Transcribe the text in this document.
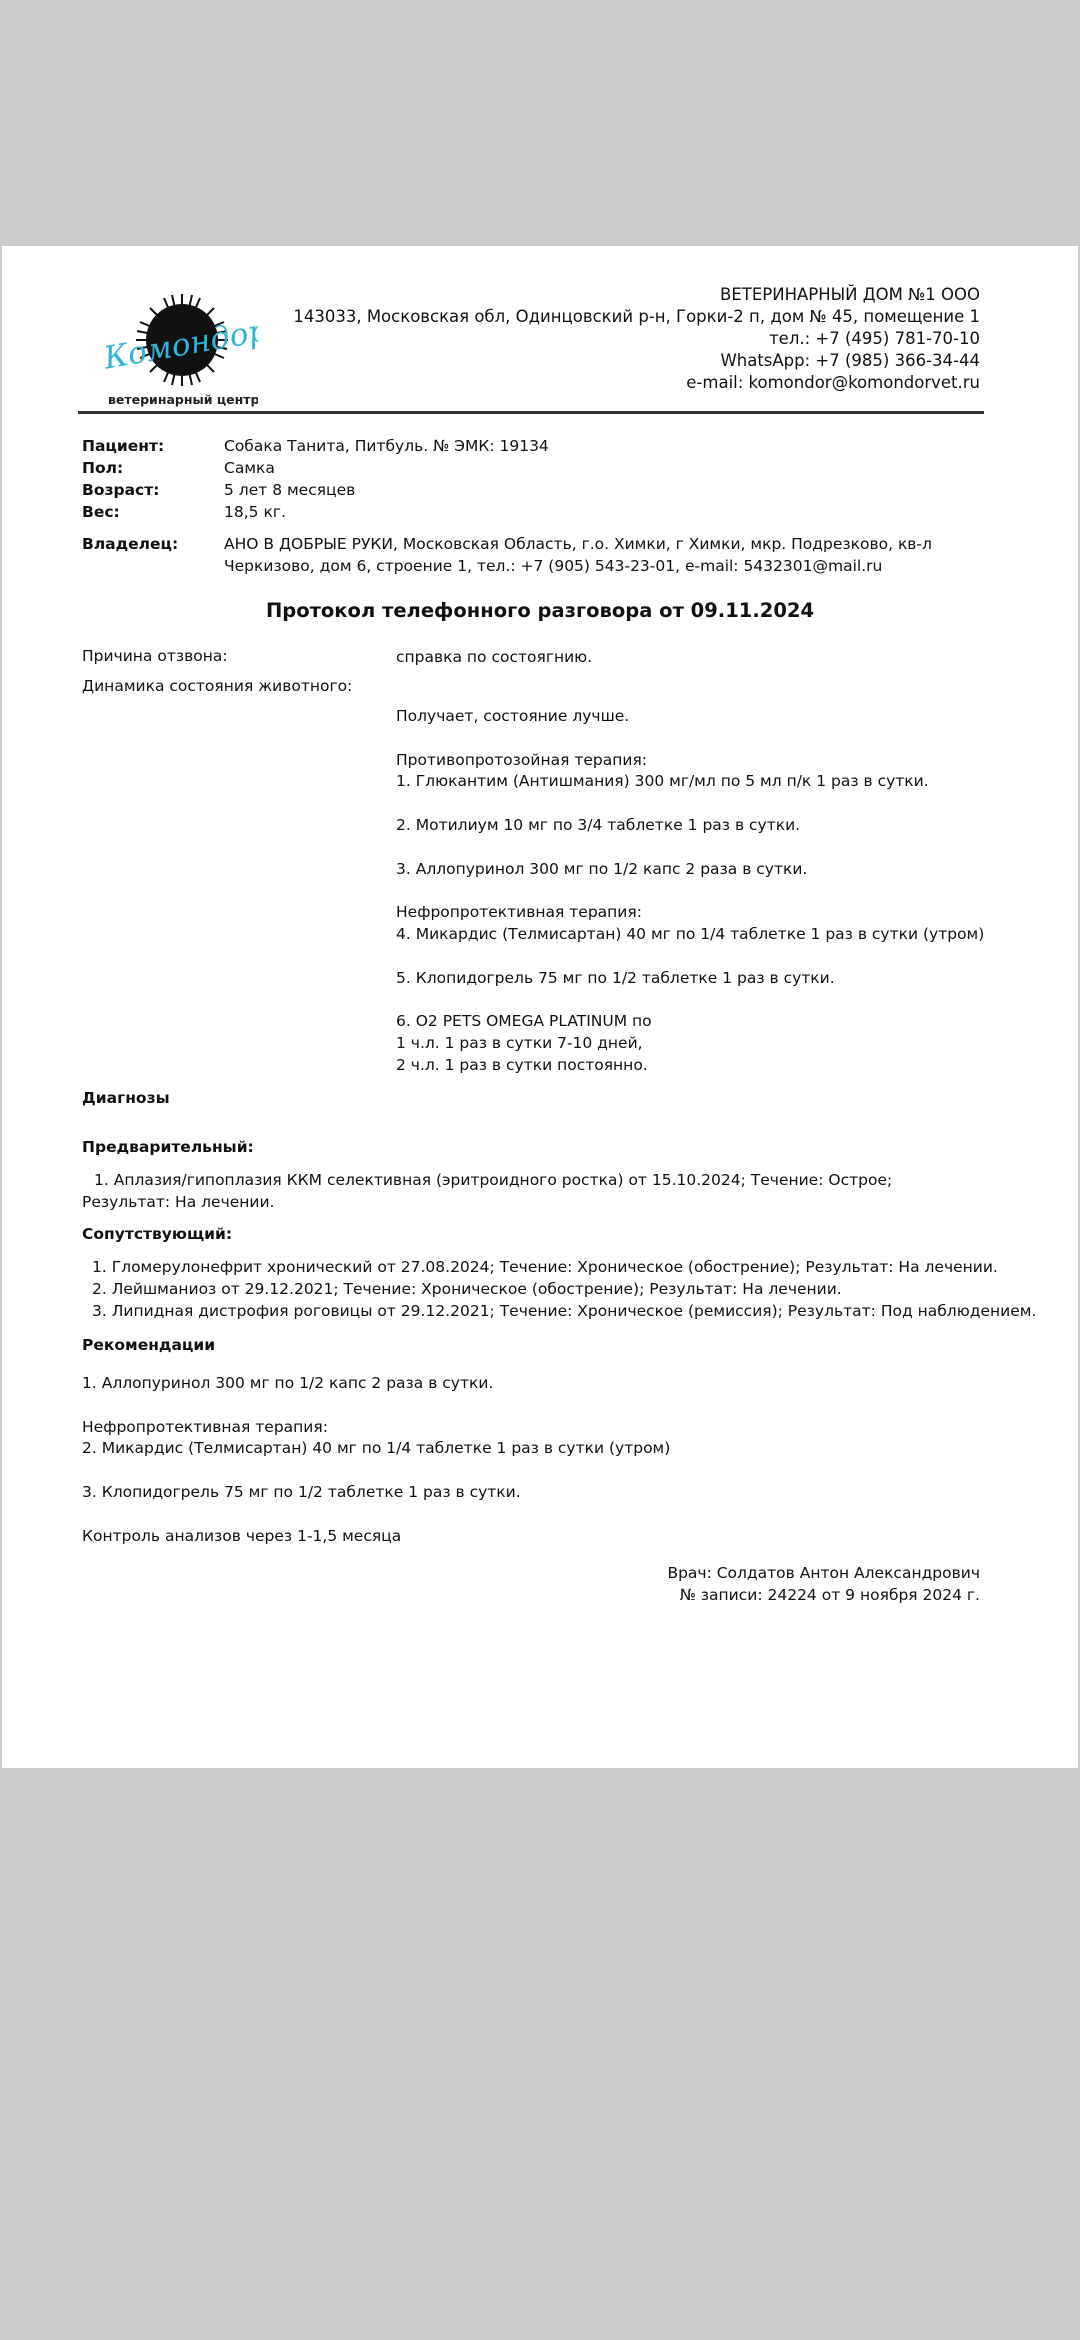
Комондор
ветеринарный центр
ВЕТЕРИНАРНЫЙ ДОМ №1 ООО
143033, Московская обл, Одинцовский р-н, Горки-2 п, дом № 45, помещение 1
тел.: +7 (495) 781-70-10
WhatsApp: +7 (985) 366-34-44
e-mail: komondor@komondorvet.ru
Пациент:	Собака Танита, Питбуль. № ЭМК: 19134
Пол:	Самка
Возраст:	5 лет 8 месяцев
Вес:	18,5 кг.
Владелец:	АНО В ДОБРЫЕ РУКИ, Московская Область, г.о. Химки, г Химки, мкр. Подрезково, кв-л Черкизово, дом 6, строение 1, тел.: +7 (905) 543-23-01, e-mail: 5432301@mail.ru
Протокол телефонного разговора от 09.11.2024
Причина отзвона:	справка по состоягнию.
Динамика состояния животного:
Получает, состояние лучше.
Противопротозойная терапия:
1. Глюкантим (Антишмания) 300 мг/мл по 5 мл п/к 1 раз в сутки.
2. Мотилиум 10 мг по 3/4 таблетке 1 раз в сутки.
3. Аллопуринол 300 мг по 1/2 капс 2 раза в сутки.
Нефропротективная терапия:
4. Микардис (Телмисартан) 40 мг по 1/4 таблетке 1 раз в сутки (утром)
5. Клопидогрель 75 мг по 1/2 таблетке 1 раз в сутки.
6. O2 PETS OMEGA PLATINUM по
1 ч.л. 1 раз в сутки 7-10 дней,
2 ч.л. 1 раз в сутки постоянно.
Диагнозы
Предварительный:
1. Аплазия/гипоплазия ККМ селективная (эритроидного ростка) от 15.10.2024; Течение: Острое; Результат: На лечении.
Сопутствующий:
1. Гломерулонефрит хронический от 27.08.2024; Течение: Хроническое (обострение); Результат: На лечении.
2. Лейшманиоз от 29.12.2021; Течение: Хроническое (обострение); Результат: На лечении.
3. Липидная дистрофия роговицы от 29.12.2021; Течение: Хроническое (ремиссия); Результат: Под наблюдением.
Рекомендации
1. Аллопуринол 300 мг по 1/2 капс 2 раза в сутки.
Нефропротективная терапия:
2. Микардис (Телмисартан) 40 мг по 1/4 таблетке 1 раз в сутки (утром)
3. Клопидогрель 75 мг по 1/2 таблетке 1 раз в сутки.
Контроль анализов через 1-1,5 месяца
Врач: Солдатов Антон Александрович
№ записи: 24224 от 9 ноября 2024 г.
